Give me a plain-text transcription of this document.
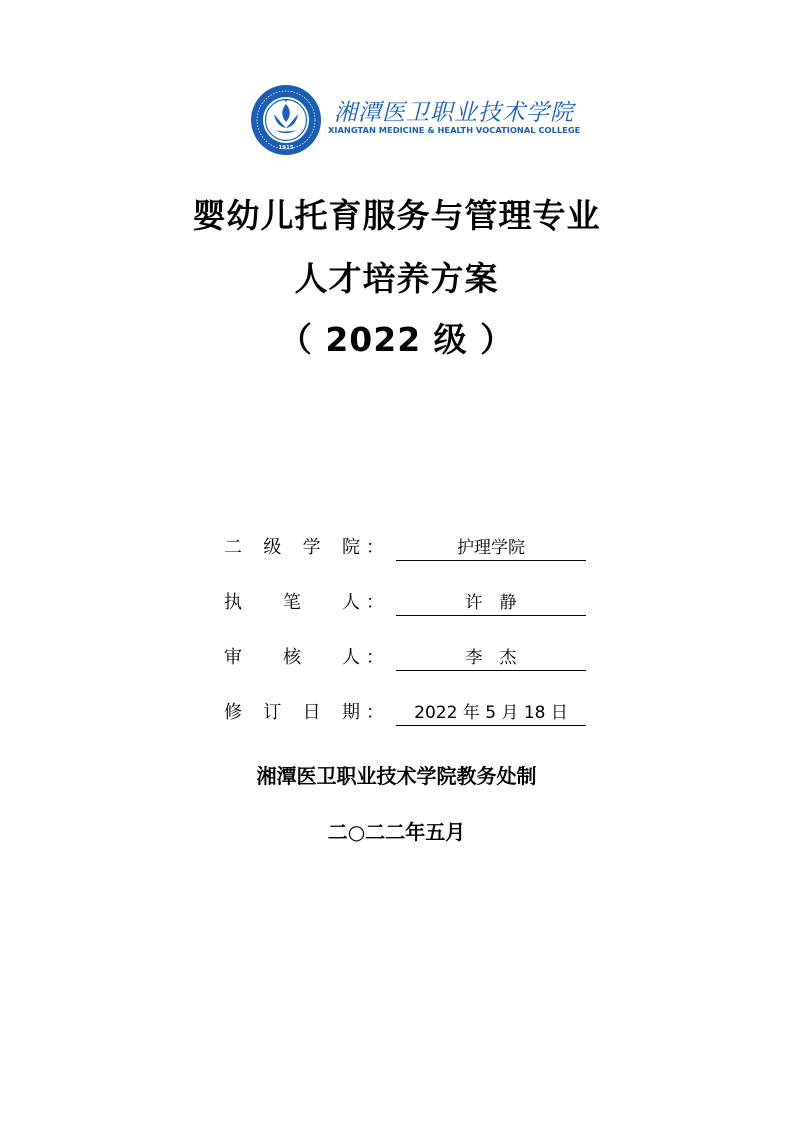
1915
湘潭医卫职业技术学院
XIANGTAN MEDICINE & HEALTH VOCATIONAL COLLEGE
婴幼儿托育服务与管理专业
人才培养方案
（ 2022 级 ）
二 级 学 院 ：	护理学院
执 笔 人 ：	许　静
审 核 人 ：	李　杰
修 订 日 期 ：	2022 年 5 月 18 日
湘潭医卫职业技术学院教务处制
二○二二年五月
